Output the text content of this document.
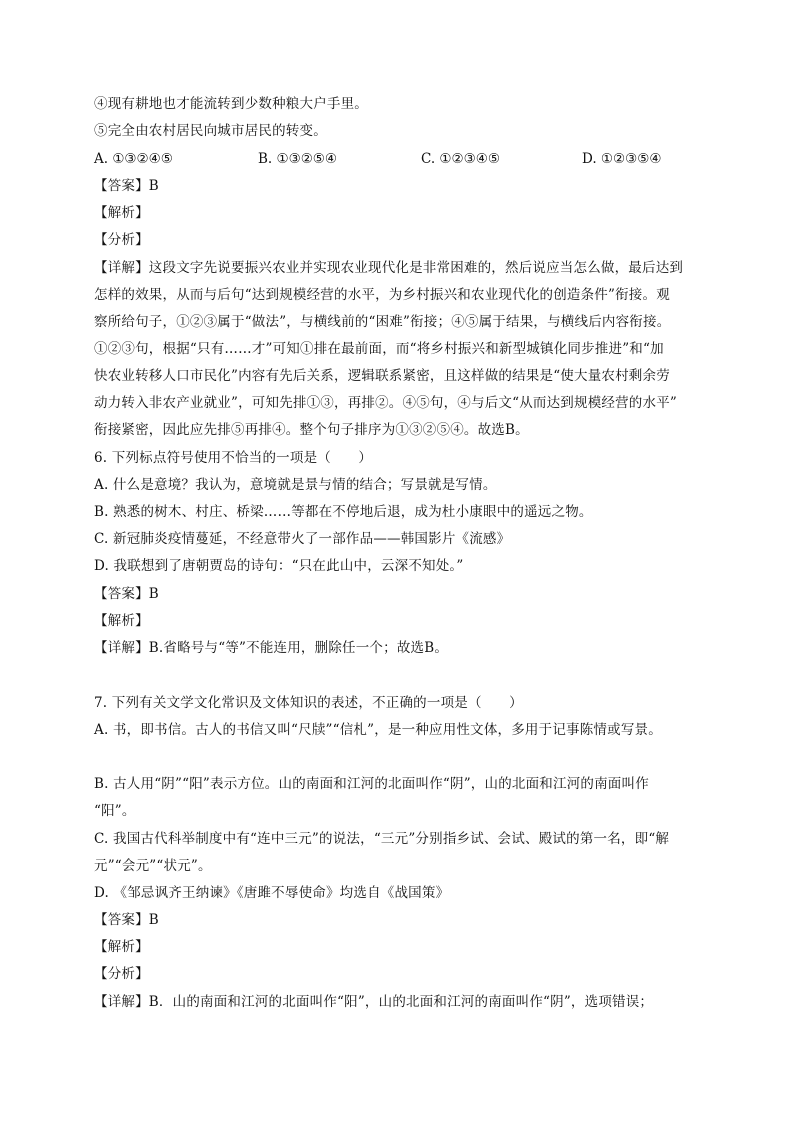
④现有耕地也才能流转到少数种粮大户手里。
⑤完全由农村居民向城市居民的转变。
A. ①③②④⑤	B. ①③②⑤④	C. ①②③④⑤	D. ①②③⑤④
【答案】B
【解析】
【分析】
【详解】这段文字先说要振兴农业并实现农业现代化是非常困难的，然后说应当怎么做，最后达到
怎样的效果，从而与后句“达到规模经营的水平，为乡村振兴和农业现代化的创造条件”衔接。观
察所给句子，①②③属于“做法”，与横线前的“困难”衔接；④⑤属于结果，与横线后内容衔接。
①②③句，根据“只有……才”可知①排在最前面，而“将乡村振兴和新型城镇化同步推进”和“加
快农业转移人口市民化”内容有先后关系，逻辑联系紧密，且这样做的结果是“使大量农村剩余劳
动力转入非农产业就业”，可知先排①③，再排②。④⑤句，④与后文“从而达到规模经营的水平”
衔接紧密，因此应先排⑤再排④。整个句子排序为①③②⑤④。故选B。
6. 下列标点符号使用不恰当的一项是（　　）
A. 什么是意境？我认为，意境就是景与情的结合；写景就是写情。
B. 熟悉的树木、村庄、桥梁……等都在不停地后退，成为杜小康眼中的遥远之物。
C. 新冠肺炎疫情蔓延，不经意带火了一部作品——韩国影片《流感》
D. 我联想到了唐朝贾岛的诗句：“只在此山中，云深不知处。”
【答案】B
【解析】
【详解】B.省略号与“等”不能连用，删除任一个；故选B。
7. 下列有关文学文化常识及文体知识的表述，不正确的一项是（　　）
A. 书，即书信。古人的书信又叫“尺牍”“信札”，是一种应用性文体，多用于记事陈情或写景。
B. 古人用“阴”“阳”表示方位。山的南面和江河的北面叫作“阴”，山的北面和江河的南面叫作
“阳”。
C. 我国古代科举制度中有“连中三元”的说法，“三元”分别指乡试、会试、殿试的第一名，即“解
元”“会元”“状元”。
D. 《邹忌讽齐王纳谏》《唐雎不辱使命》均选自《战国策》
【答案】B
【解析】
【分析】
【详解】B．山的南面和江河的北面叫作“阳”，山的北面和江河的南面叫作“阴”，选项错误；
